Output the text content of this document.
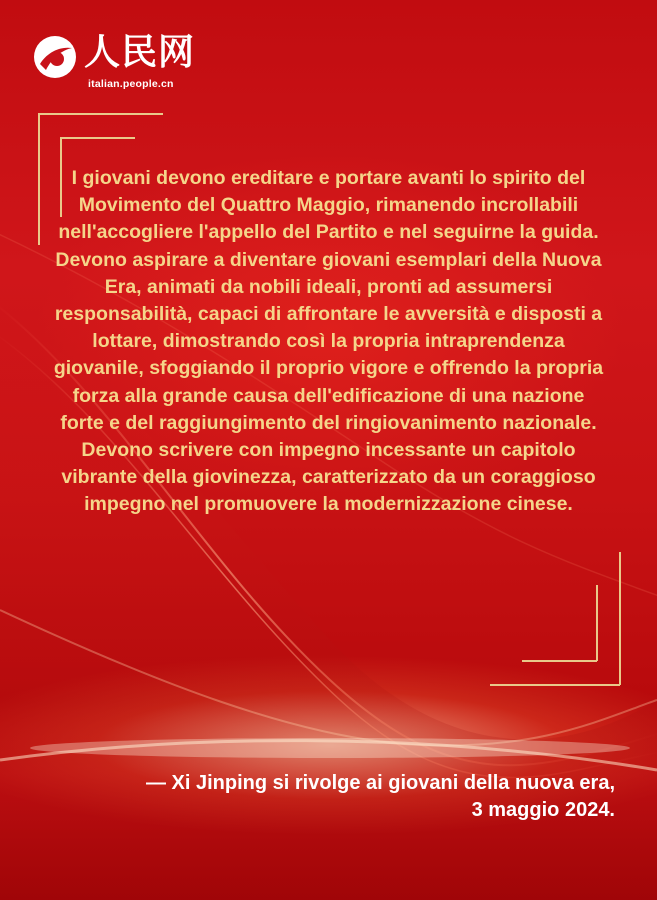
人民网
italian.people.cn

I giovani devono ereditare e portare avanti lo spirito del Movimento del Quattro Maggio, rimanendo incrollabili nell'accogliere l'appello del Partito e nel seguirne la guida. Devono aspirare a diventare giovani esemplari della Nuova Era, animati da nobili ideali, pronti ad assumersi responsabilità, capaci di affrontare le avversità e disposti a lottare, dimostrando così la propria intraprendenza giovanile, sfoggiando il proprio vigore e offrendo la propria forza alla grande causa dell'edificazione di una nazione forte e del raggiungimento del ringiovanimento nazionale. Devono scrivere con impegno incessante un capitolo vibrante della giovinezza, caratterizzato da un coraggioso impegno nel promuovere la modernizzazione cinese.

— Xi Jinping si rivolge ai giovani della nuova era,
3 maggio 2024.
